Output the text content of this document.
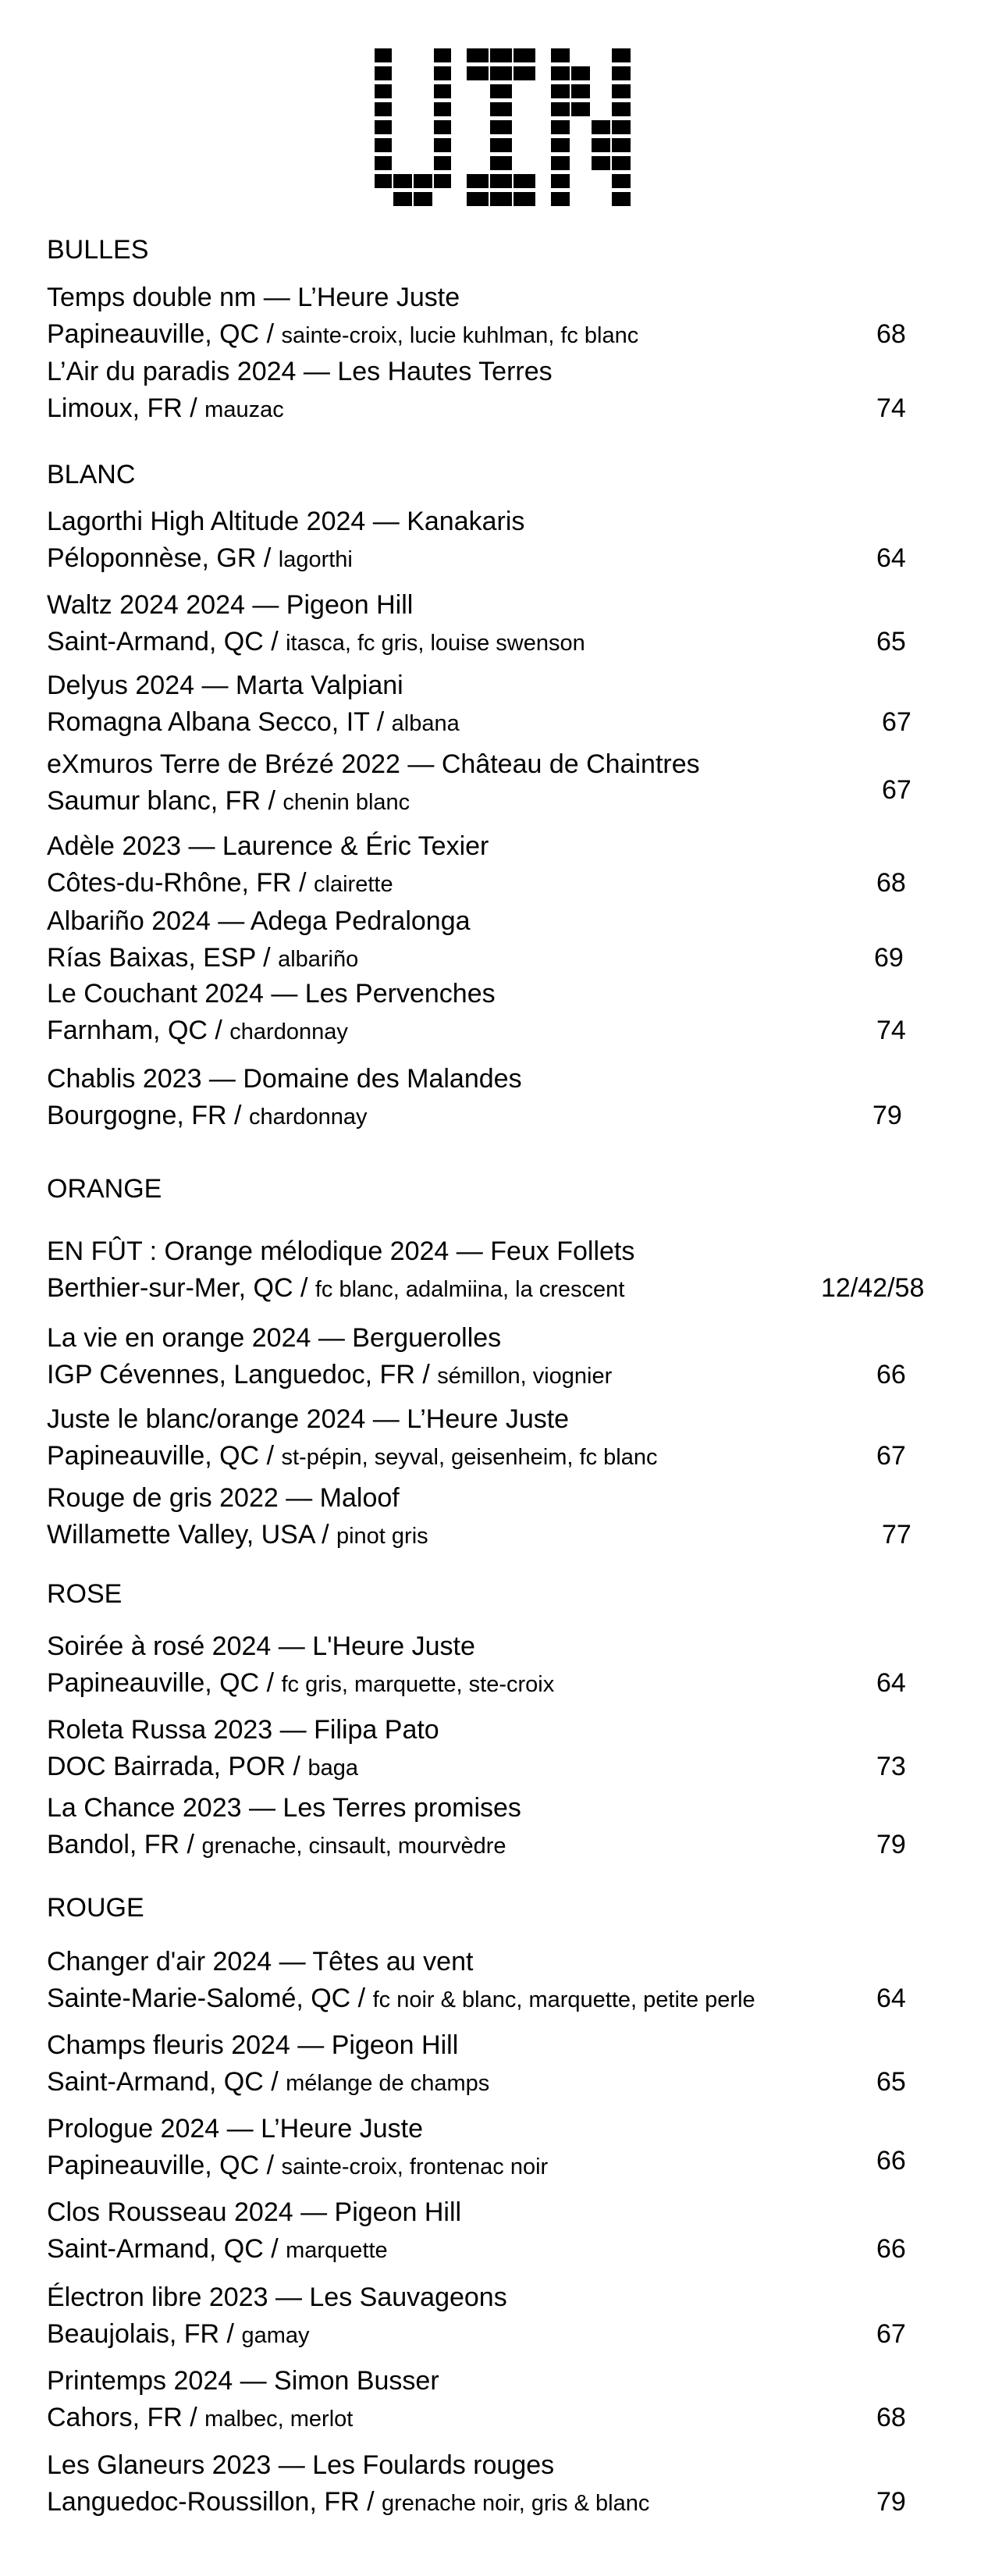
BULLES
Temps double nm — L’Heure Juste
Papineauville, QC / sainte-croix, lucie kuhlman, fc blanc	68
L’Air du paradis 2024 — Les Hautes Terres
Limoux, FR / mauzac	74
BLANC
Lagorthi High Altitude 2024 — Kanakaris
Péloponnèse, GR / lagorthi	64
Waltz 2024 2024 — Pigeon Hill
Saint-Armand, QC / itasca, fc gris, louise swenson	65
Delyus 2024 — Marta Valpiani
Romagna Albana Secco, IT / albana	67
eXmuros Terre de Brézé 2022 — Château de Chaintres
Saumur blanc, FR / chenin blanc	67
Adèle 2023 — Laurence & Éric Texier
Côtes-du-Rhône, FR / clairette	68
Albariño 2024 — Adega Pedralonga
Rías Baixas, ESP / albariño	69
Le Couchant 2024 — Les Pervenches
Farnham, QC / chardonnay	74
Chablis 2023 — Domaine des Malandes
Bourgogne, FR / chardonnay	79
ORANGE
EN FÛT : Orange mélodique 2024 — Feux Follets
Berthier-sur-Mer, QC / fc blanc, adalmiina, la crescent	12/42/58
La vie en orange 2024 — Berguerolles
IGP Cévennes, Languedoc, FR / sémillon, viognier	66
Juste le blanc/orange 2024 — L’Heure Juste
Papineauville, QC / st-pépin, seyval, geisenheim, fc blanc	67
Rouge de gris 2022 — Maloof
Willamette Valley, USA / pinot gris	77
ROSE
Soirée à rosé 2024 — L'Heure Juste
Papineauville, QC / fc gris, marquette, ste-croix	64
Roleta Russa 2023 — Filipa Pato
DOC Bairrada, POR / baga	73
La Chance 2023 — Les Terres promises
Bandol, FR / grenache, cinsault, mourvèdre	79
ROUGE
Changer d'air 2024 — Têtes au vent
Sainte-Marie-Salomé, QC / fc noir & blanc, marquette, petite perle	64
Champs fleuris 2024 — Pigeon Hill
Saint-Armand, QC / mélange de champs	65
Prologue 2024 — L’Heure Juste
Papineauville, QC / sainte-croix, frontenac noir	66
Clos Rousseau 2024 — Pigeon Hill
Saint-Armand, QC / marquette	66
Électron libre 2023 — Les Sauvageons
Beaujolais, FR / gamay	67
Printemps 2024 — Simon Busser
Cahors, FR / malbec, merlot	68
Les Glaneurs 2023 — Les Foulards rouges
Languedoc-Roussillon, FR / grenache noir, gris & blanc	79
